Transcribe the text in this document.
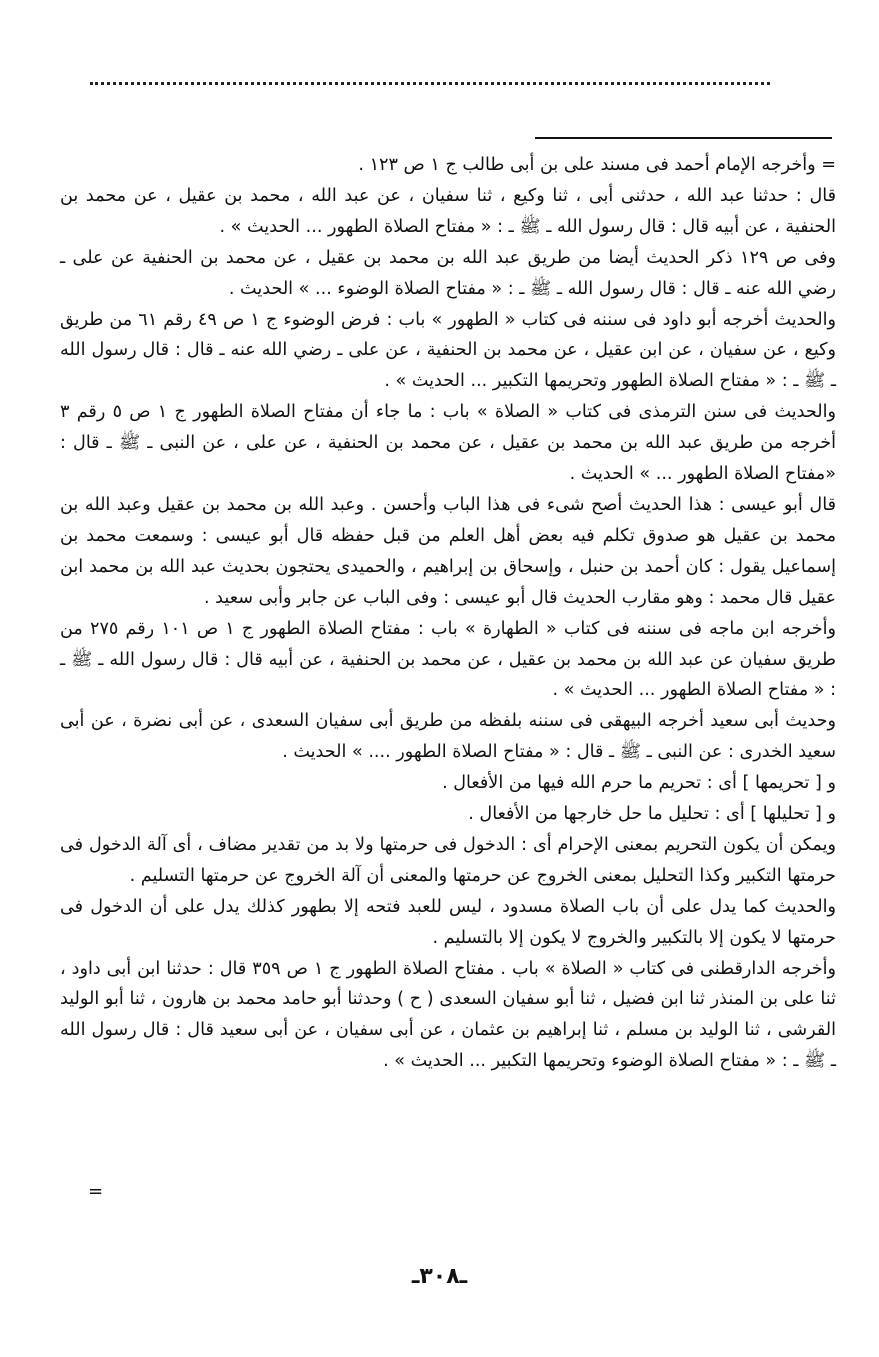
= وأخرجه الإمام أحمد فى مسند على بن أبى طالب ج ١ ص ١٢٣ .

قال : حدثنا عبد الله ، حدثنى أبى ، ثنا وكيع ، ثنا سفيان ، عن عبد الله ، محمد بن عقيل ، عن محمد بن الحنفية ، عن أبيه قال : قال رسول الله ـ ﷺ ـ : « مفتاح الصلاة الطهور ... الحديث » .

وفى ص ١٢٩ ذكر الحديث أيضا من طريق عبد الله بن محمد بن عقيل ، عن محمد بن الحنفية عن على ـ رضي الله عنه ـ قال : قال رسول الله ـ ﷺ ـ : « مفتاح الصلاة الوضوء ... » الحديث .

والحديث أخرجه أبو داود فى سننه فى كتاب « الطهور » باب : فرض الوضوء ج ١ ص ٤٩ رقم ٦١ من طريق وكيع ، عن سفيان ، عن ابن عقيل ، عن محمد بن الحنفية ، عن على ـ رضي الله عنه ـ قال : قال رسول الله ـ ﷺ ـ : « مفتاح الصلاة الطهور وتحريمها التكبير ... الحديث » .

والحديث فى سنن الترمذى فى كتاب « الصلاة » باب : ما جاء أن مفتاح الصلاة الطهور ج ١ ص ٥ رقم ٣ أخرجه من طريق عبد الله بن محمد بن عقيل ، عن محمد بن الحنفية ، عن على ، عن النبى ـ ﷺ ـ قال : «مفتاح الصلاة الطهور ... » الحديث .

قال أبو عيسى : هذا الحديث أصح شىء فى هذا الباب وأحسن . وعبد الله بن محمد بن عقيل وعبد الله بن محمد بن عقيل هو صدوق تكلم فيه بعض أهل العلم من قبل حفظه قال أبو عيسى : وسمعت محمد بن إسماعيل يقول : كان أحمد بن حنبل ، وإسحاق بن إبراهيم ، والحميدى يحتجون بحديث عبد الله بن محمد ابن عقيل قال محمد : وهو مقارب الحديث قال أبو عيسى : وفى الباب عن جابر وأبى سعيد .

وأخرجه ابن ماجه فى سننه فى كتاب « الطهارة » باب : مفتاح الصلاة الطهور ج ١ ص ١٠١ رقم ٢٧٥ من طريق سفيان عن عبد الله بن محمد بن عقيل ، عن محمد بن الحنفية ، عن أبيه قال : قال رسول الله ـ ﷺ ـ : « مفتاح الصلاة الطهور ... الحديث » .

وحديث أبى سعيد أخرجه البيهقى فى سننه بلفظه من طريق أبى سفيان السعدى ، عن أبى نضرة ، عن أبى سعيد الخدرى : عن النبى ـ ﷺ ـ قال : « مفتاح الصلاة الطهور .... » الحديث .

و [ تحريمها ] أى : تحريم ما حرم الله فيها من الأفعال .

و [ تحليلها ] أى : تحليل ما حل خارجها من الأفعال .

ويمكن أن يكون التحريم بمعنى الإحرام أى : الدخول فى حرمتها ولا بد من تقدير مضاف ، أى آلة الدخول فى حرمتها التكبير وكذا التحليل بمعنى الخروج عن حرمتها والمعنى أن آلة الخروج عن حرمتها التسليم .

والحديث كما يدل على أن باب الصلاة مسدود ، ليس للعبد فتحه إلا بطهور كذلك يدل على أن الدخول فى حرمتها لا يكون إلا بالتكبير والخروج لا يكون إلا بالتسليم .

وأخرجه الدارقطنى فى كتاب « الصلاة » باب . مفتاح الصلاة الطهور ج ١ ص ٣٥٩ قال : حدثنا ابن أبى داود ، ثنا على بن المنذر ثنا ابن فضيل ، ثنا أبو سفيان السعدى ( ح ) وحدثنا أبو حامد محمد بن هارون ، ثنا أبو الوليد القرشى ، ثنا الوليد بن مسلم ، ثنا إبراهيم بن عثمان ، عن أبى سفيان ، عن أبى سعيد قال : قال رسول الله ـ ﷺ ـ : « مفتاح الصلاة الوضوء وتحريمها التكبير ... الحديث » .

=
ـ٣٠٨ـ
